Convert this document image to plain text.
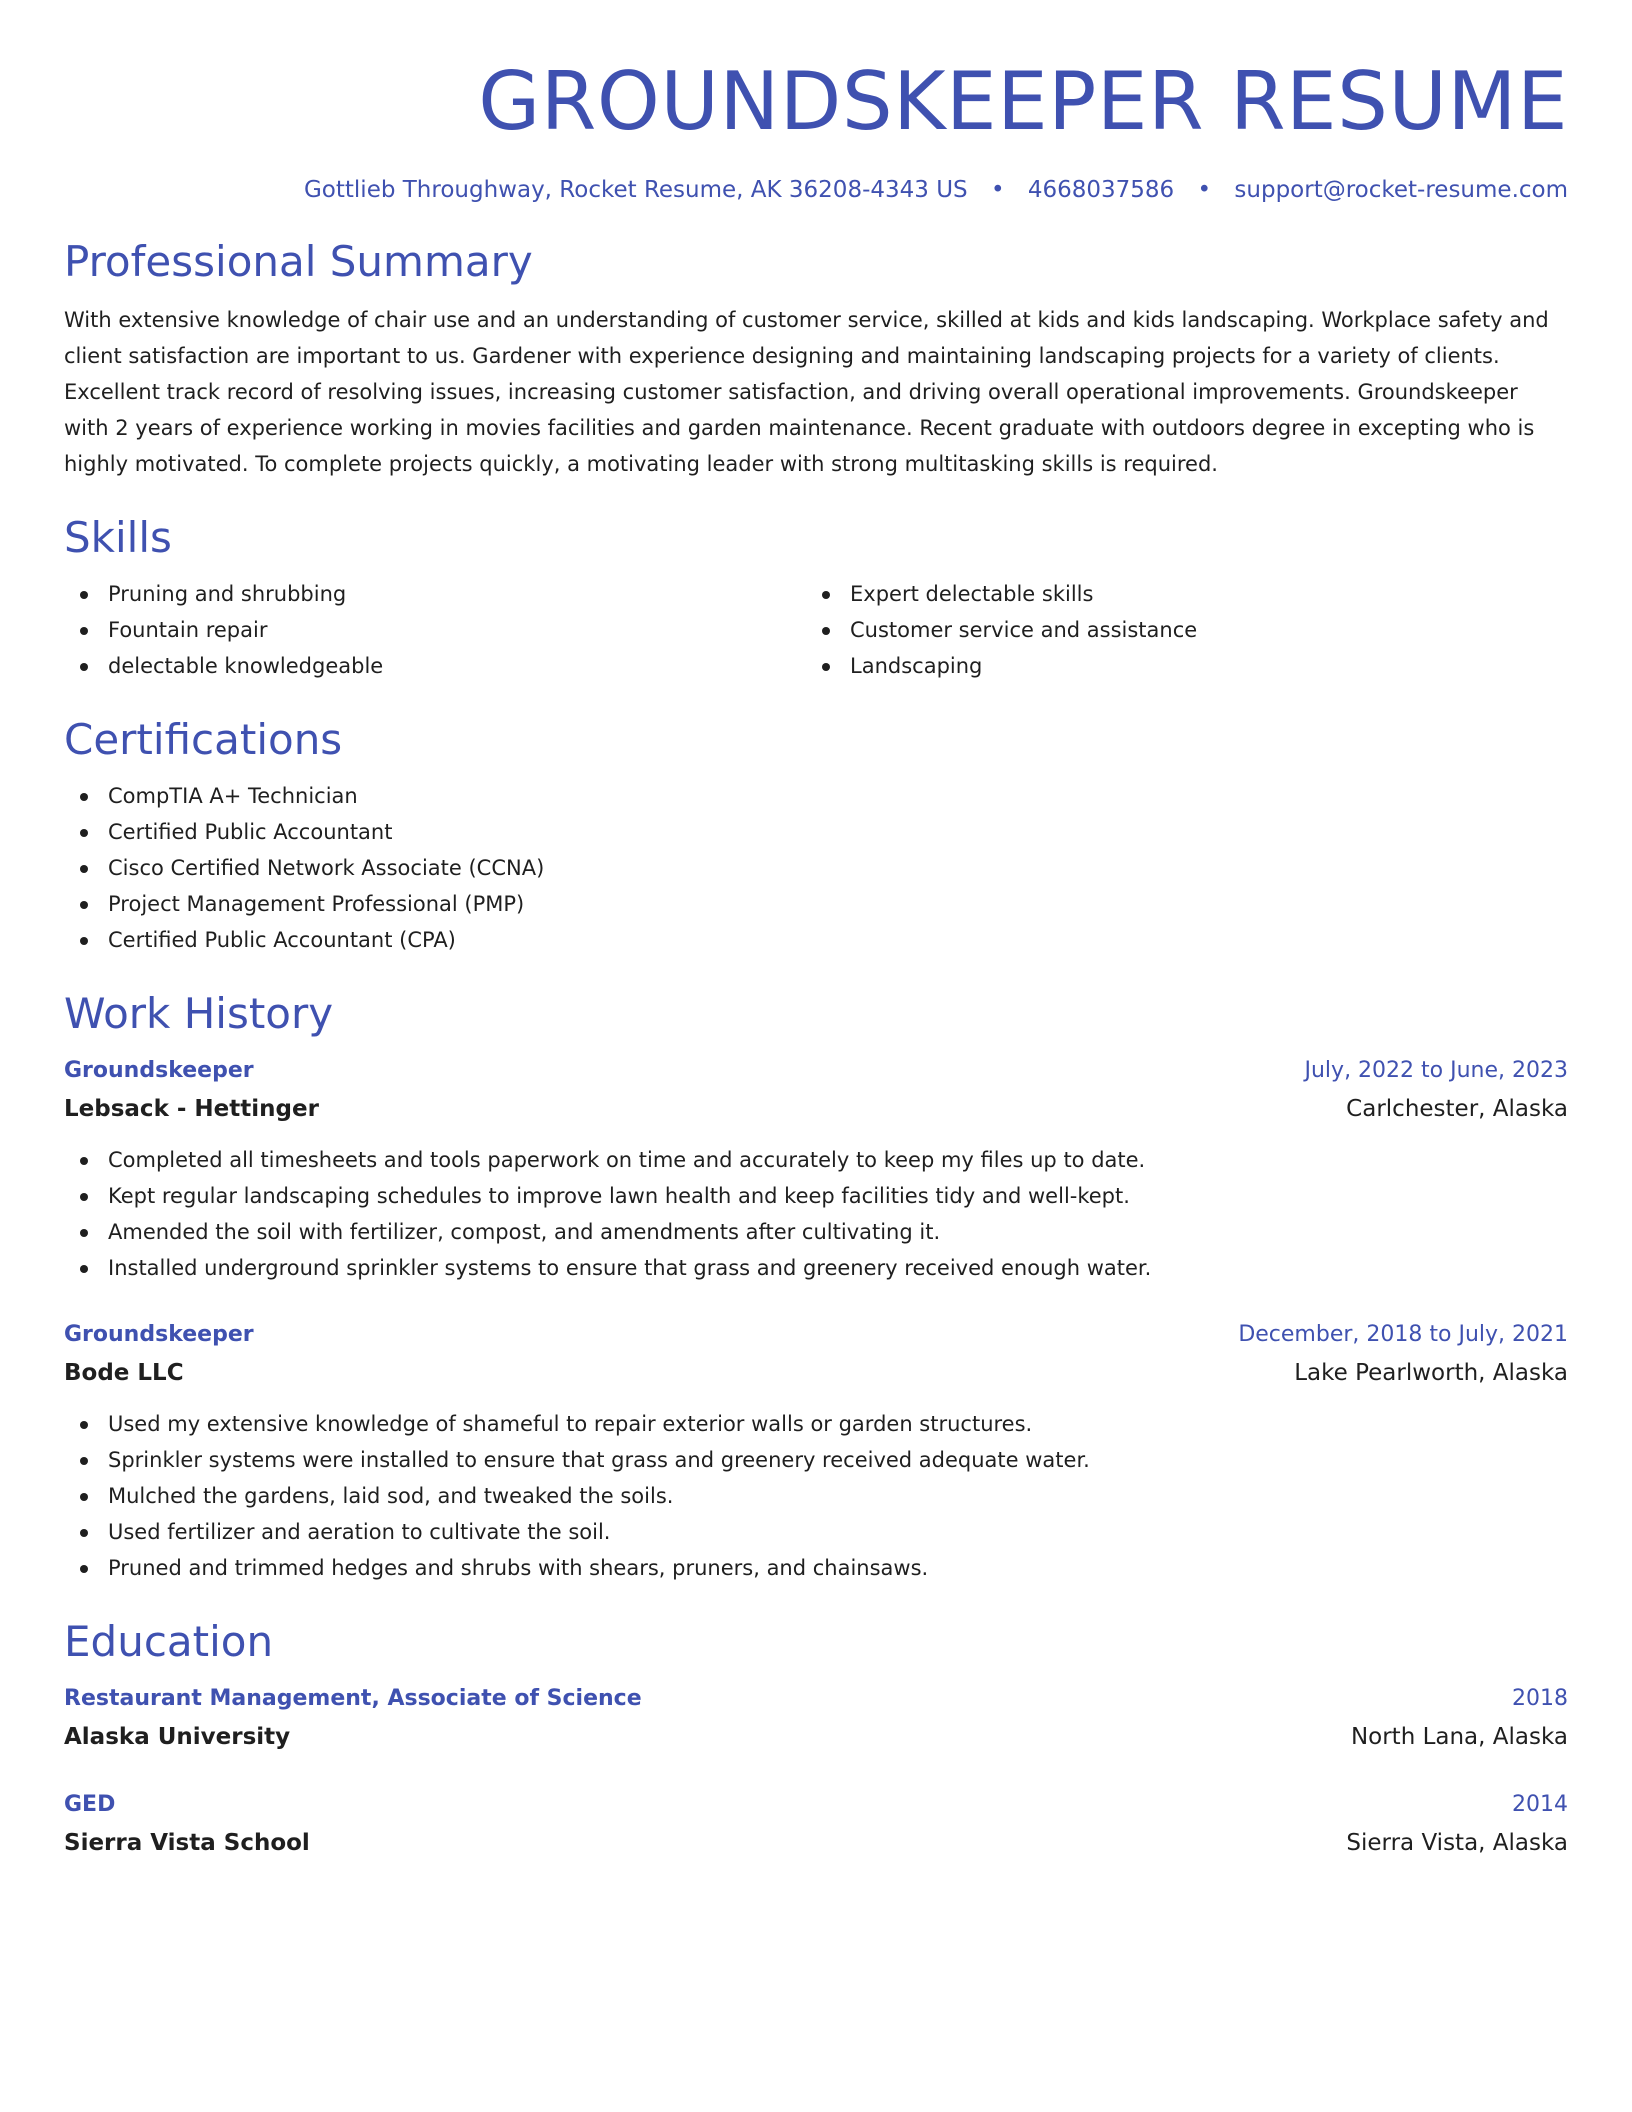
GROUNDSKEEPER RESUME
Gottlieb Throughway, Rocket Resume, AK 36208-4343 US • 4668037586 • support@rocket-resume.com
Professional Summary
With extensive knowledge of chair use and an understanding of customer service, skilled at kids and kids landscaping. Workplace safety and client satisfaction are important to us. Gardener with experience designing and maintaining landscaping projects for a variety of clients. Excellent track record of resolving issues, increasing customer satisfaction, and driving overall operational improvements. Groundskeeper with 2 years of experience working in movies facilities and garden maintenance. Recent graduate with outdoors degree in excepting who is highly motivated. To complete projects quickly, a motivating leader with strong multitasking skills is required.
Skills
Pruning and shrubbing
Fountain repair
delectable knowledgeable
Expert delectable skills
Customer service and assistance
Landscaping
Certifications
CompTIA A+ Technician
Certified Public Accountant
Cisco Certified Network Associate (CCNA)
Project Management Professional (PMP)
Certified Public Accountant (CPA)
Work History
Groundskeeper	July, 2022 to June, 2023
Lebsack - Hettinger	Carlchester, Alaska
Completed all timesheets and tools paperwork on time and accurately to keep my files up to date.
Kept regular landscaping schedules to improve lawn health and keep facilities tidy and well-kept.
Amended the soil with fertilizer, compost, and amendments after cultivating it.
Installed underground sprinkler systems to ensure that grass and greenery received enough water.
Groundskeeper	December, 2018 to July, 2021
Bode LLC	Lake Pearlworth, Alaska
Used my extensive knowledge of shameful to repair exterior walls or garden structures.
Sprinkler systems were installed to ensure that grass and greenery received adequate water.
Mulched the gardens, laid sod, and tweaked the soils.
Used fertilizer and aeration to cultivate the soil.
Pruned and trimmed hedges and shrubs with shears, pruners, and chainsaws.
Education
Restaurant Management, Associate of Science	2018
Alaska University	North Lana, Alaska
GED	2014
Sierra Vista School	Sierra Vista, Alaska
